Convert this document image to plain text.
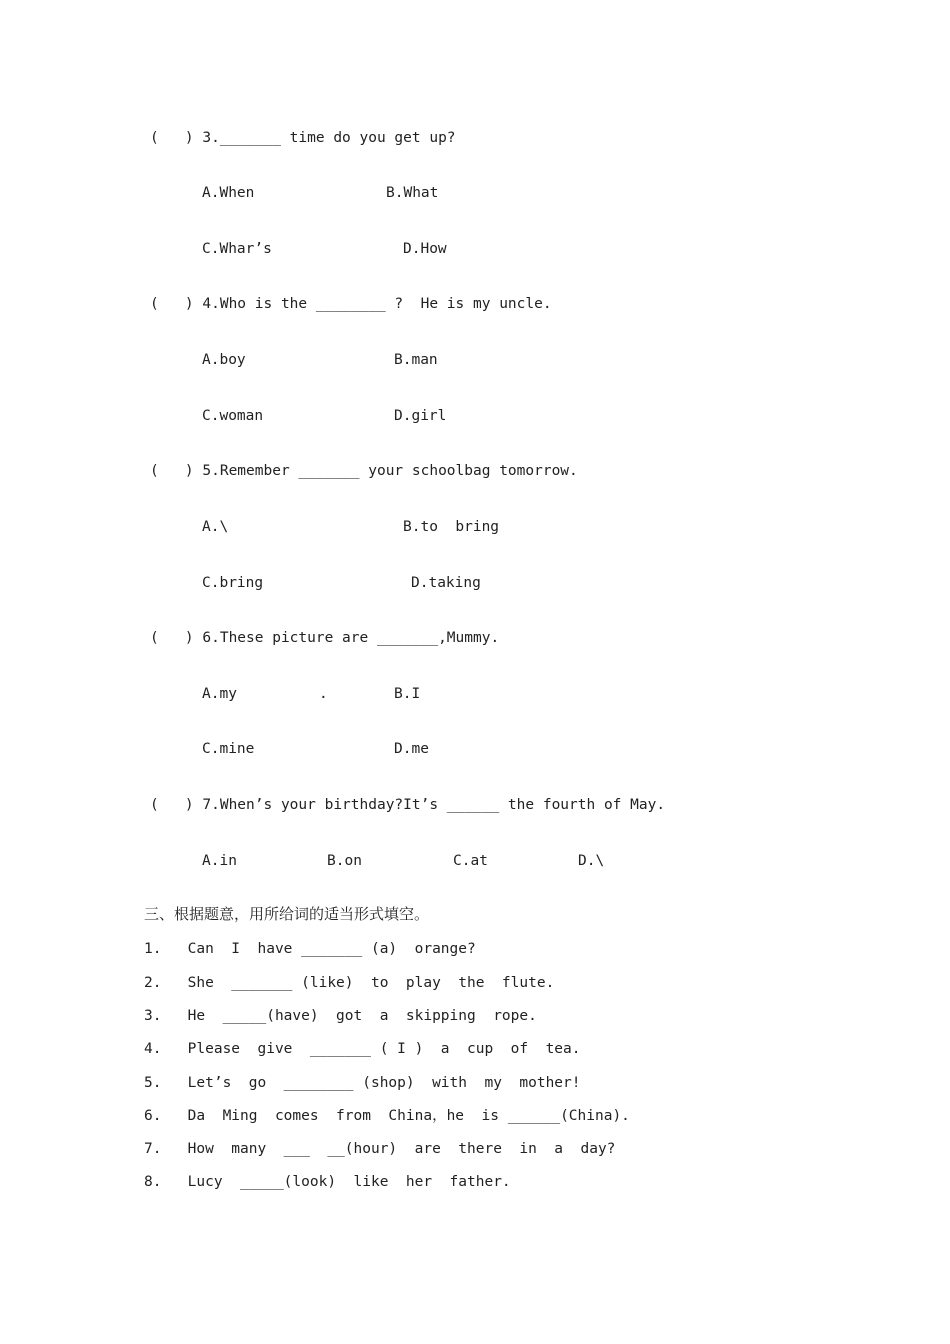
(   ) 3._______ time do you get up?
A.When	B.What
C.Whar’s	D.How
(   ) 4.Who is the ________ ?  He is my uncle.
A.boy	B.man
C.woman	D.girl
(   ) 5.Remember _______ your schoolbag tomorrow.
A.\	B.to  bring
C.bring	D.taking
(   ) 6.These picture are _______,Mummy.
A.my	.	B.I
C.mine	D.me
(   ) 7.When’s your birthday?It’s ______ the fourth of May.
A.in	B.on	C.at	D.\
三、根据题意，用所给词的适当形式填空。
1.   Can  I  have _______ (a)  orange?
2.   She  _______ (like)  to  play  the  flute.
3.   He  _____(have)  got  a  skipping  rope.
4.   Please  give  _______ ( I )  a  cup  of  tea.
5.   Let’s  go  ________ (shop)  with  my  mother!
6.   Da  Ming  comes  from  China，he  is ______(China).
7.   How  many  ___  __(hour)  are  there  in  a  day?
8.   Lucy  _____(look)  like  her  father.
